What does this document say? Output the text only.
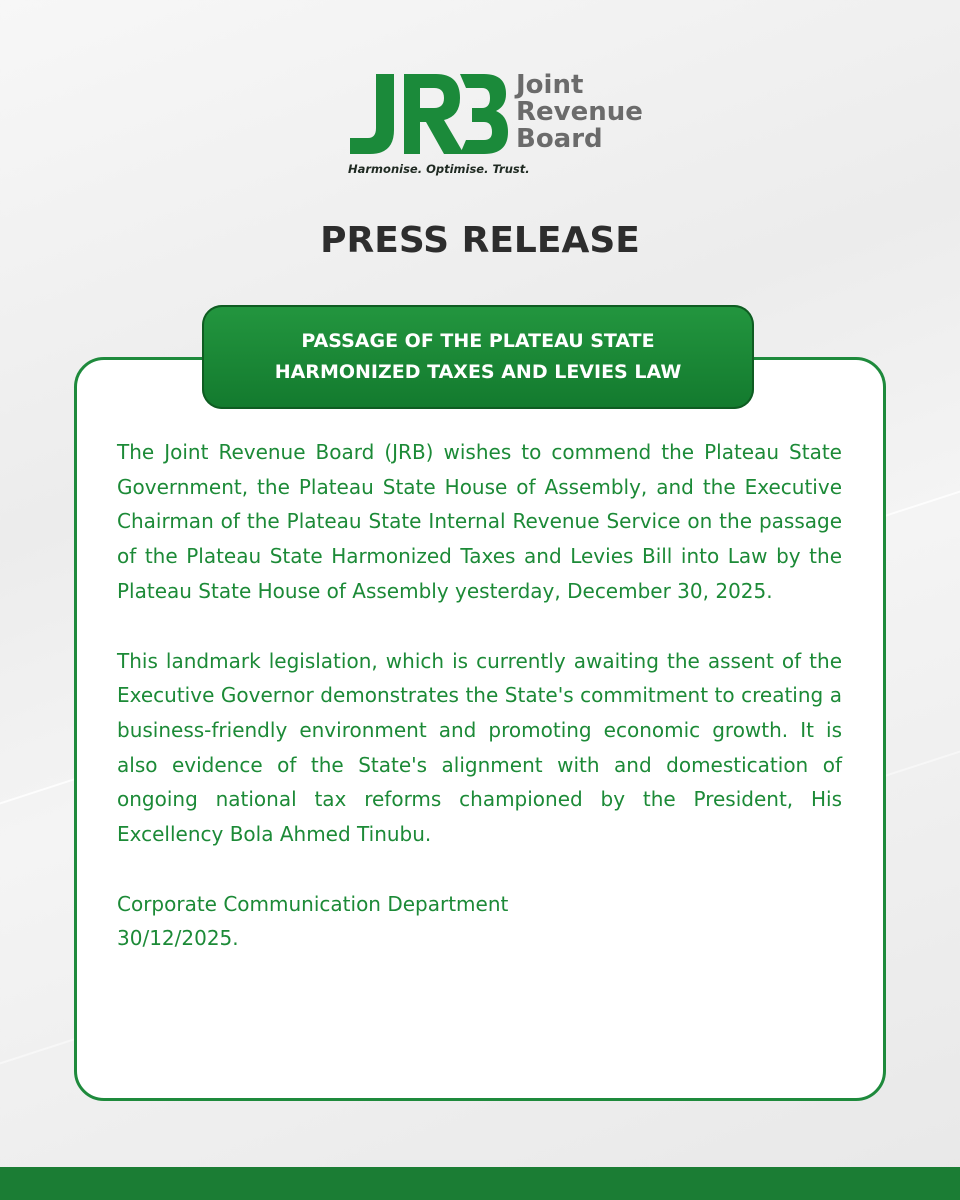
Joint
Revenue
Board
Harmonise. Optimise. Trust.
PRESS RELEASE
PASSAGE OF THE PLATEAU STATE
HARMONIZED TAXES AND LEVIES LAW

The Joint Revenue Board (JRB) wishes to commend the Plateau State Government, the Plateau State House of Assembly, and the Executive Chairman of the Plateau State Internal Revenue Service on the passage of the Plateau State Harmonized Taxes and Levies Bill into Law by the Plateau State House of Assembly yesterday, December 30, 2025.

This landmark legislation, which is currently awaiting the assent of the Executive Governor demonstrates the State's commitment to creating a business-friendly environment and promoting economic growth. It is also evidence of the State's alignment with and domestication of ongoing national tax reforms championed by the President, His Excellency Bola Ahmed Tinubu.

Corporate Communication Department

30/12/2025.
